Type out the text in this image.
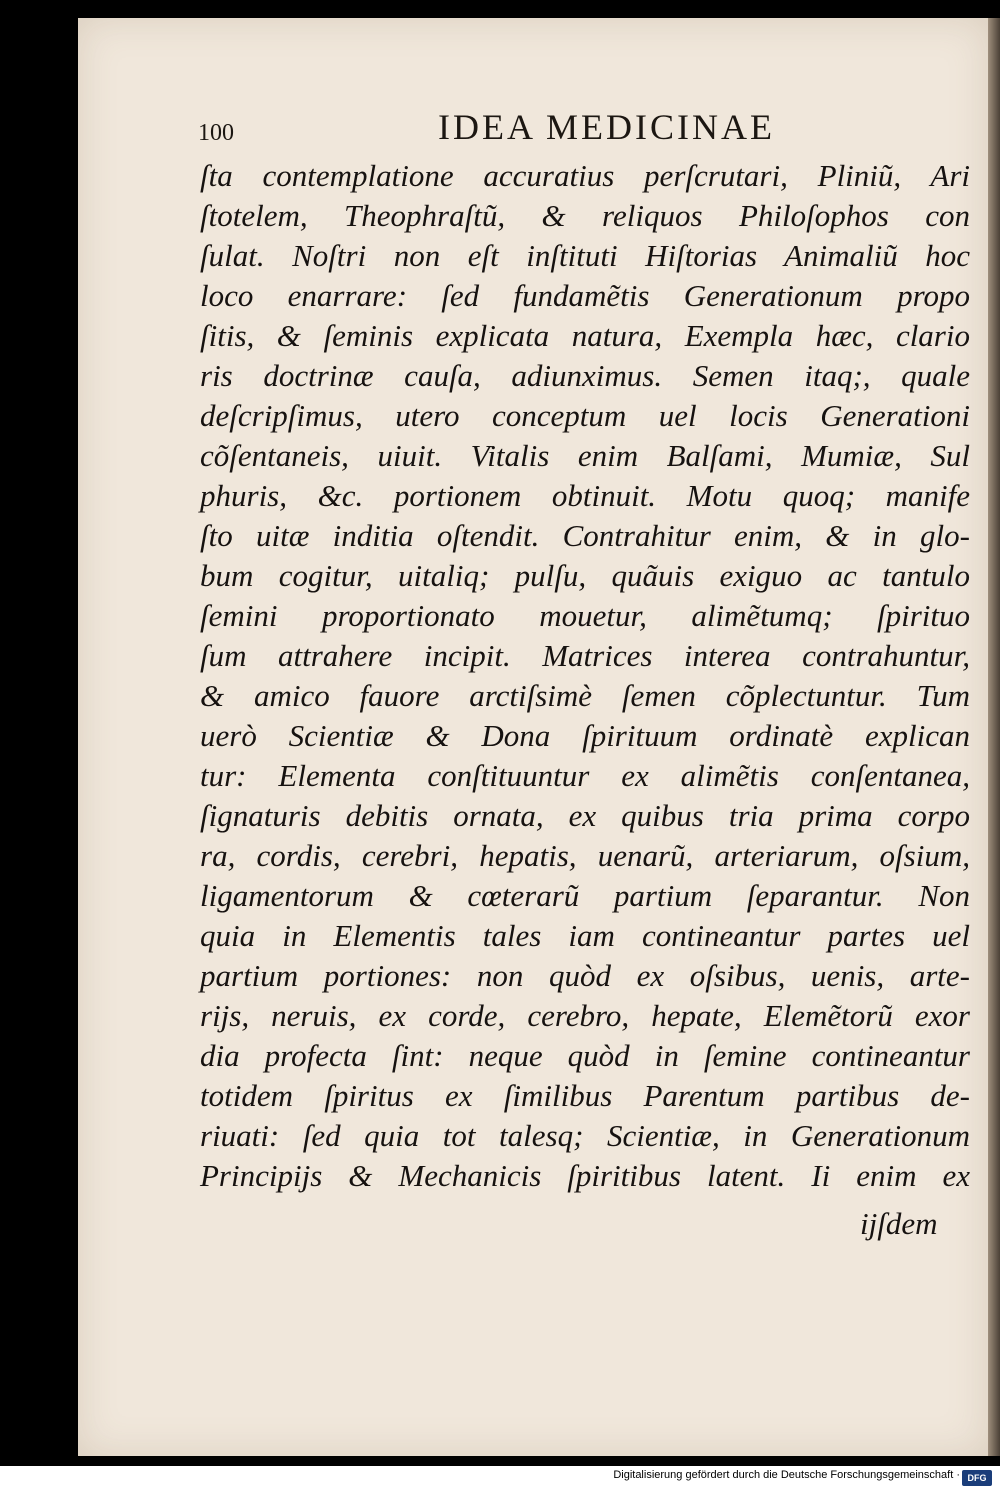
100	IDEA MEDICINAE
ſta contemplatione accuratius perſcrutari, Pliniũ, Ari
ſtotelem, Theophraſtũ, & reliquos Philoſophos con
ſulat. Noſtri non eſt inſtituti Hiſtorias Animaliũ hoc
loco enarrare: ſed fundamẽtis Generationum propo
ſitis, & ſeminis explicata natura, Exempla hæc, clario
ris doctrinæ cauſa, adiunximus. Semen itaq;, quale
deſcripſimus, utero conceptum uel locis Generationi
cõſentaneis, uiuit. Vitalis enim Balſami, Mumiæ, Sul
phuris, &c. portionem obtinuit. Motu quoq; manife
ſto uitæ inditia oſtendit. Contrahitur enim, & in glo-
bum cogitur, uitaliq; pulſu, quãuis exiguo ac tantulo
ſemini proportionato mouetur, alimẽtumq; ſpirituo
ſum attrahere incipit. Matrices interea contrahuntur,
& amico fauore arctiſsimè ſemen cõplectuntur. Tum
uerò Scientiæ & Dona ſpirituum ordinatè explican
tur: Elementa conſtituuntur ex alimẽtis conſentanea,
ſignaturis debitis ornata, ex quibus tria prima corpo
ra, cordis, cerebri, hepatis, uenarũ, arteriarum, oſsium,
ligamentorum & cœterarũ partium ſeparantur. Non
quia in Elementis tales iam contineantur partes uel
partium portiones: non quòd ex oſsibus, uenis, arte-
rijs, neruis, ex corde, cerebro, hepate, Elemẽtorũ exor
dia profecta ſint: neque quòd in ſemine contineantur
totidem ſpiritus ex ſimilibus Parentum partibus de-
riuati: ſed quia tot talesq; Scientiæ, in Generationum
Principijs & Mechanicis ſpiritibus latent. Ii enim ex
ijſdem
Digitalisierung gefördert durch die Deutsche Forschungsgemeinschaft · DFG
